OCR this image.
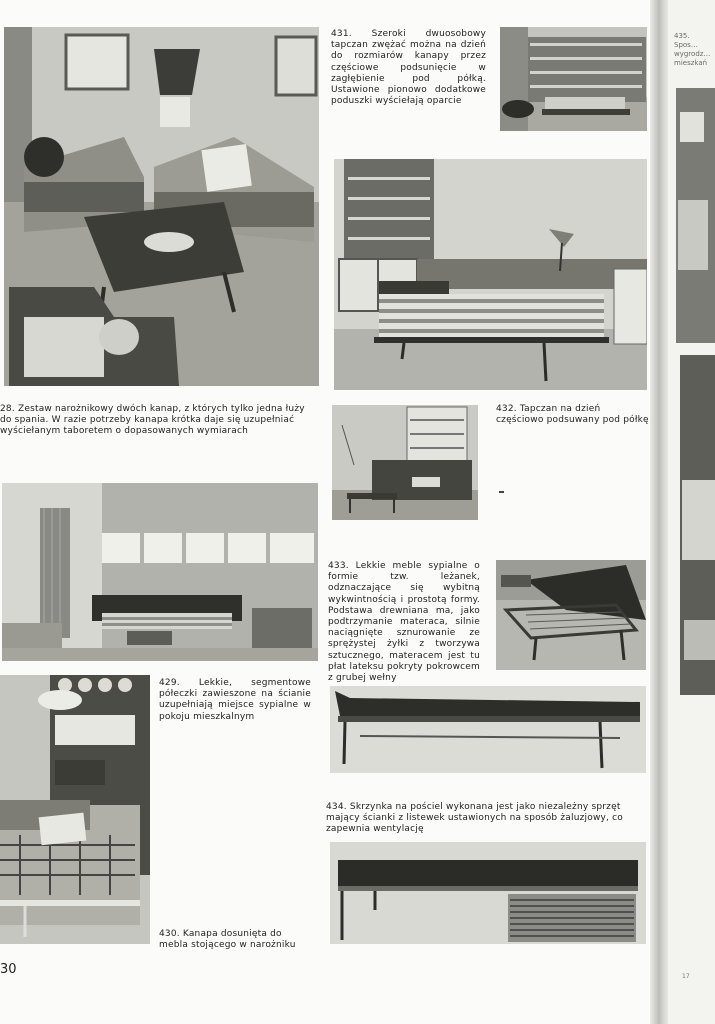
431. Szeroki dwuosobowy tapczan zwężać można na dzień do rozmiarów kanapy przez częściowe podsunięcie w zagłębienie pod półką. Ustawione pionowo dodatkowe poduszki wyściełają oparcie
28. Zestaw narożnikowy dwóch kanap, z których tylko jedna łuży do spania. W razie potrzeby kanapa krótka daje się uzupełniać wyściełanym taboretem o dopasowanych wymiarach
432. Tapczan na dzień częściowo podsuwany pod półkę
433. Lekkie meble sypialne o formie tzw. leżanek, odznaczające się wybitną wykwintnością i prostotą formy. Podstawa drewniana ma, jako podtrzymanie materaca, silnie naciągnięte sznurowanie ze sprężystej żyłki z tworzywa sztucznego, materacem jest tu płat lateksu pokryty pokrowcem z grubej wełny
429. Lekkie, segmentowe półeczki zawieszone na ścianie uzupełniają miejsce sypialne w pokoju mieszkalnym
434. Skrzynka na pościel wykonana jest jako niezależny sprzęt mający ścianki z listewek ustawionych na sposób żaluzjowy, co zapewnia wentylację
430. Kanapa dosunięta do mebla stojącego w narożniku
30
435. Spos… wygrodz… mieszkań
17
